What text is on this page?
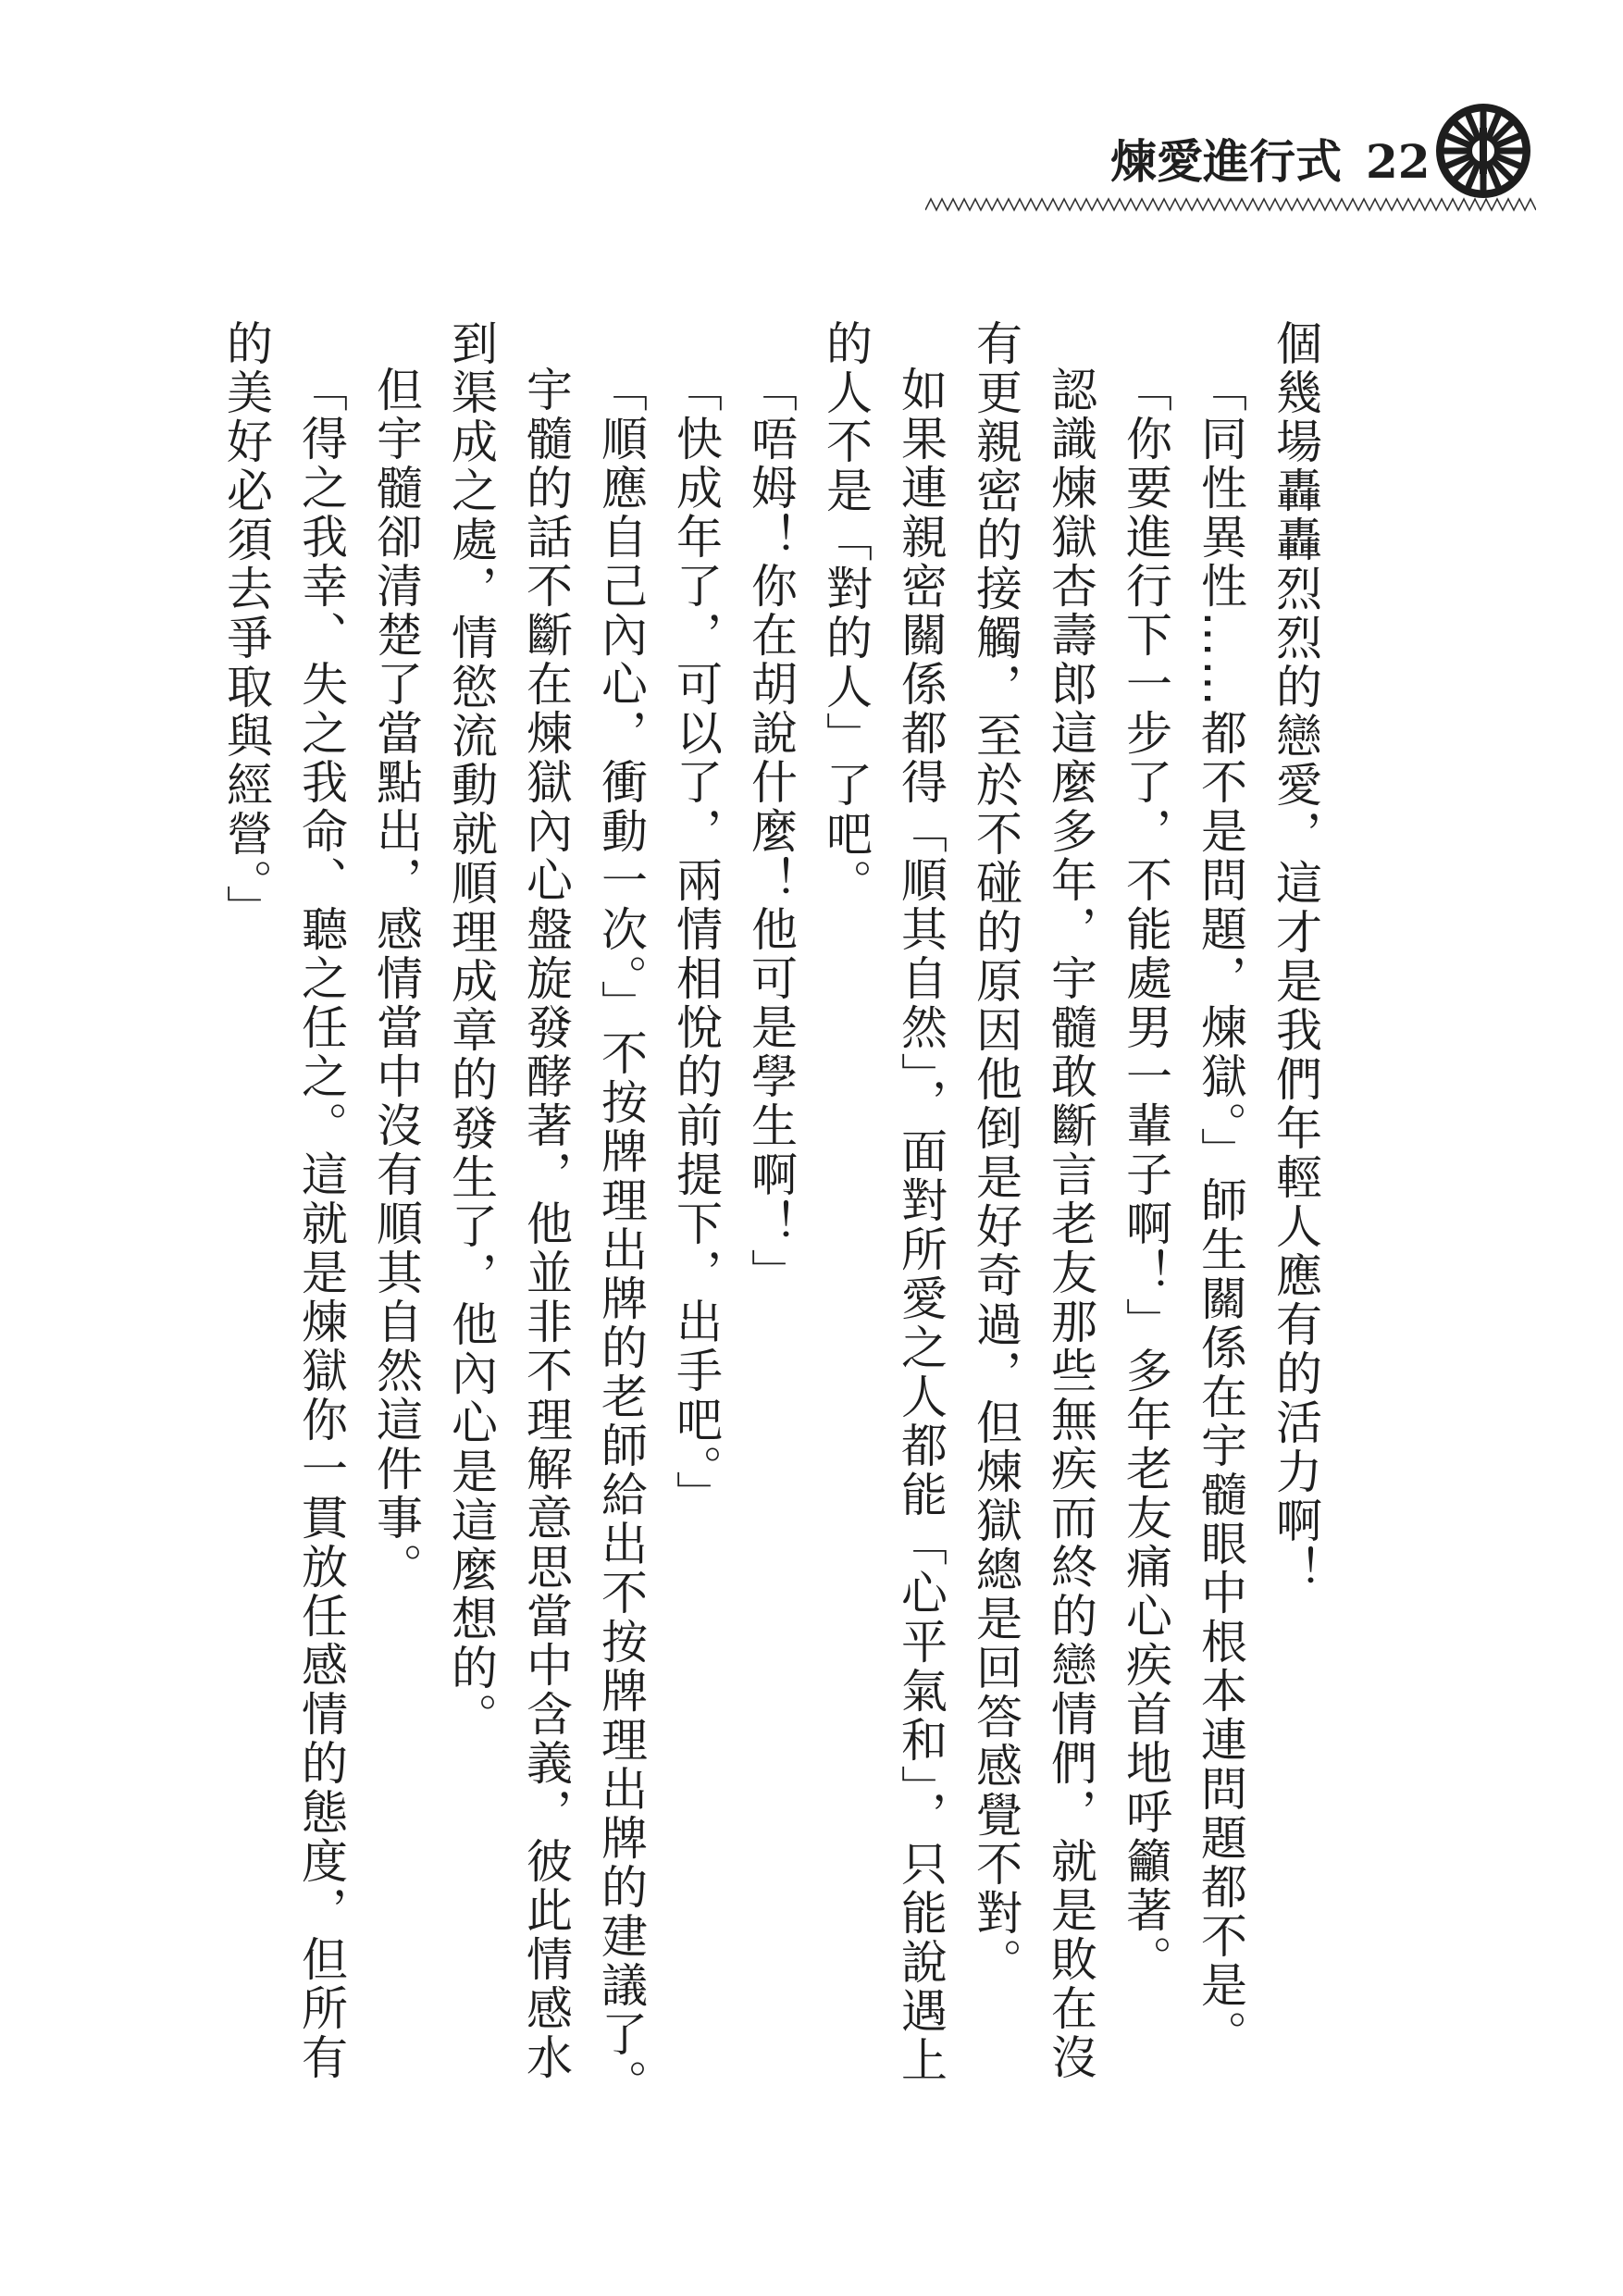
煉愛進行式 22

個幾場轟轟烈烈的戀愛，這才是我們年輕人應有的活力啊！

「同性異性……都不是問題，煉獄。」師生關係在宇髓眼中根本連問題都不是。

「你要進行下一步了，不能處男一輩子啊！」多年老友痛心疾首地呼籲著。

認識煉獄杏壽郎這麼多年，宇髓敢斷言老友那些無疾而終的戀情們，就是敗在沒有更親密的接觸，至於不碰的原因他倒是好奇過，但煉獄總是回答感覺不對。

如果連親密關係都得「順其自然」，面對所愛之人都能「心平氣和」，只能說遇上的人不是「對的人」了吧。

「唔姆！你在胡說什麼！他可是學生啊！」

「快成年了，可以了，兩情相悅的前提下，出手吧。」

「順應自己內心，衝動一次。」不按牌理出牌的老師給出不按牌理出牌的建議了。

宇髓的話不斷在煉獄內心盤旋發酵著，他並非不理解意思當中含義，彼此情感水到渠成之處，情慾流動就順理成章的發生了，他內心是這麼想的。

但宇髓卻清楚了當點出，感情當中沒有順其自然這件事。

「得之我幸、失之我命、聽之任之。這就是煉獄你一貫放任感情的態度，但所有的美好必須去爭取與經營。」
